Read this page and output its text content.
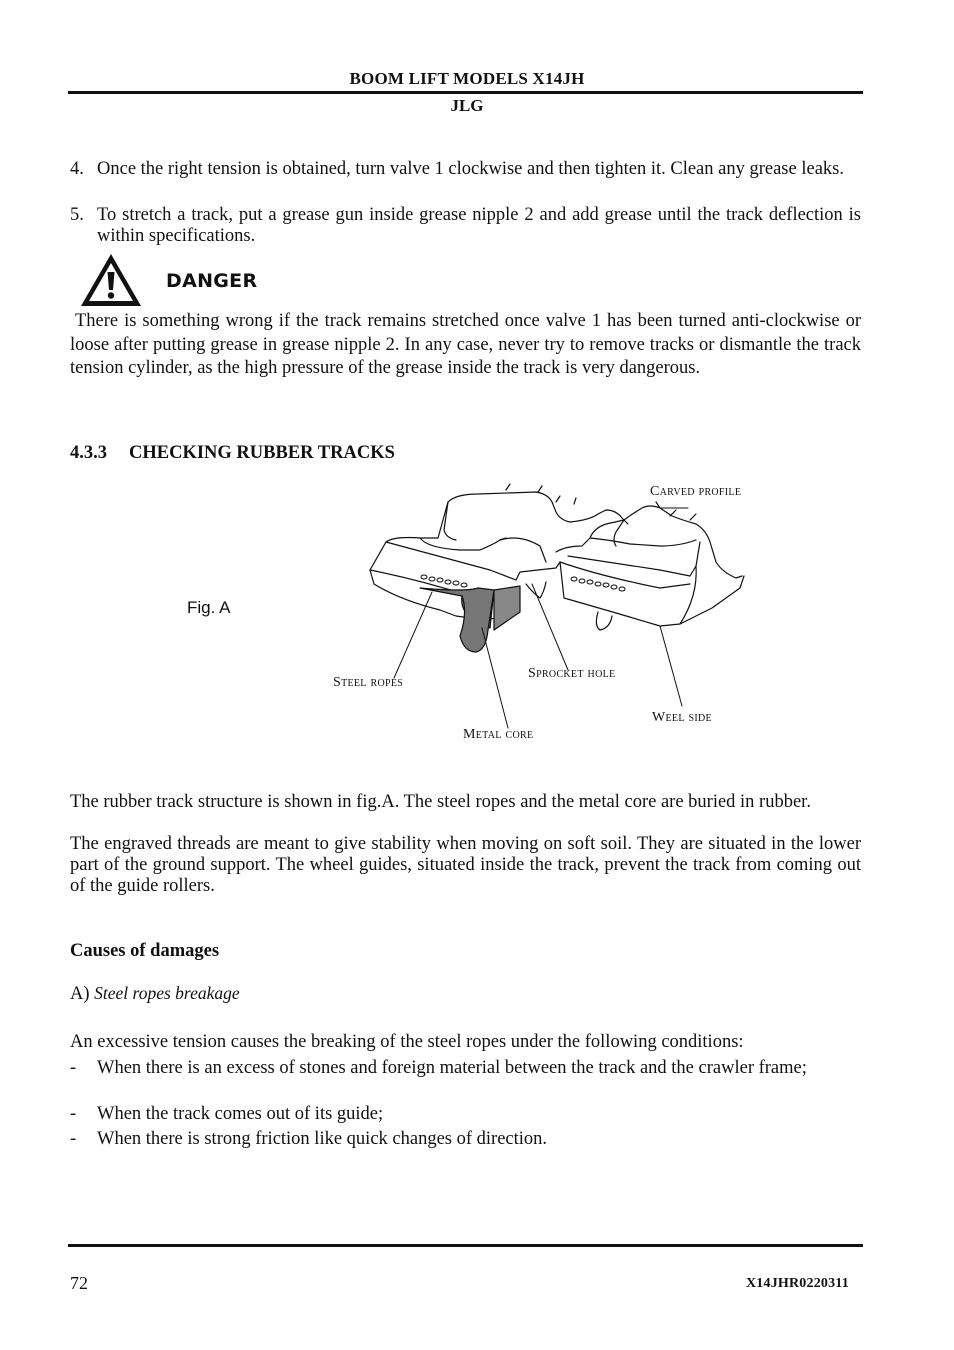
BOOM LIFT MODELS X14JH
JLG
4. Once the right tension is obtained, turn valve 1 clockwise and then tighten it. Clean any grease leaks.
5. To stretch a track, put a grease gun inside grease nipple 2 and add grease until the track deflection is within specifications.
DANGER
There is something wrong if the track remains stretched once valve 1 has been turned anti-clockwise or loose after putting grease in grease nipple 2. In any case, never try to remove tracks or dismantle the track tension cylinder, as the high pressure of the grease inside the track is very dangerous.
4.3.3 CHECKING RUBBER TRACKS
Fig. A
Carved profile
Steel ropes
Sprocket hole
Weel side
Metal core
The rubber track structure is shown in fig.A. The steel ropes and the metal core are buried in rubber.
The engraved threads are meant to give stability when moving on soft soil. They are situated in the lower part of the ground support. The wheel guides, situated inside the track, prevent the track from coming out of the guide rollers.
Causes of damages
A) Steel ropes breakage
An excessive tension causes the breaking of the steel ropes under the following conditions:
- When there is an excess of stones and foreign material between the track and the crawler frame;
- When the track comes out of its guide;
- When there is strong friction like quick changes of direction.
72	X14JHR0220311
